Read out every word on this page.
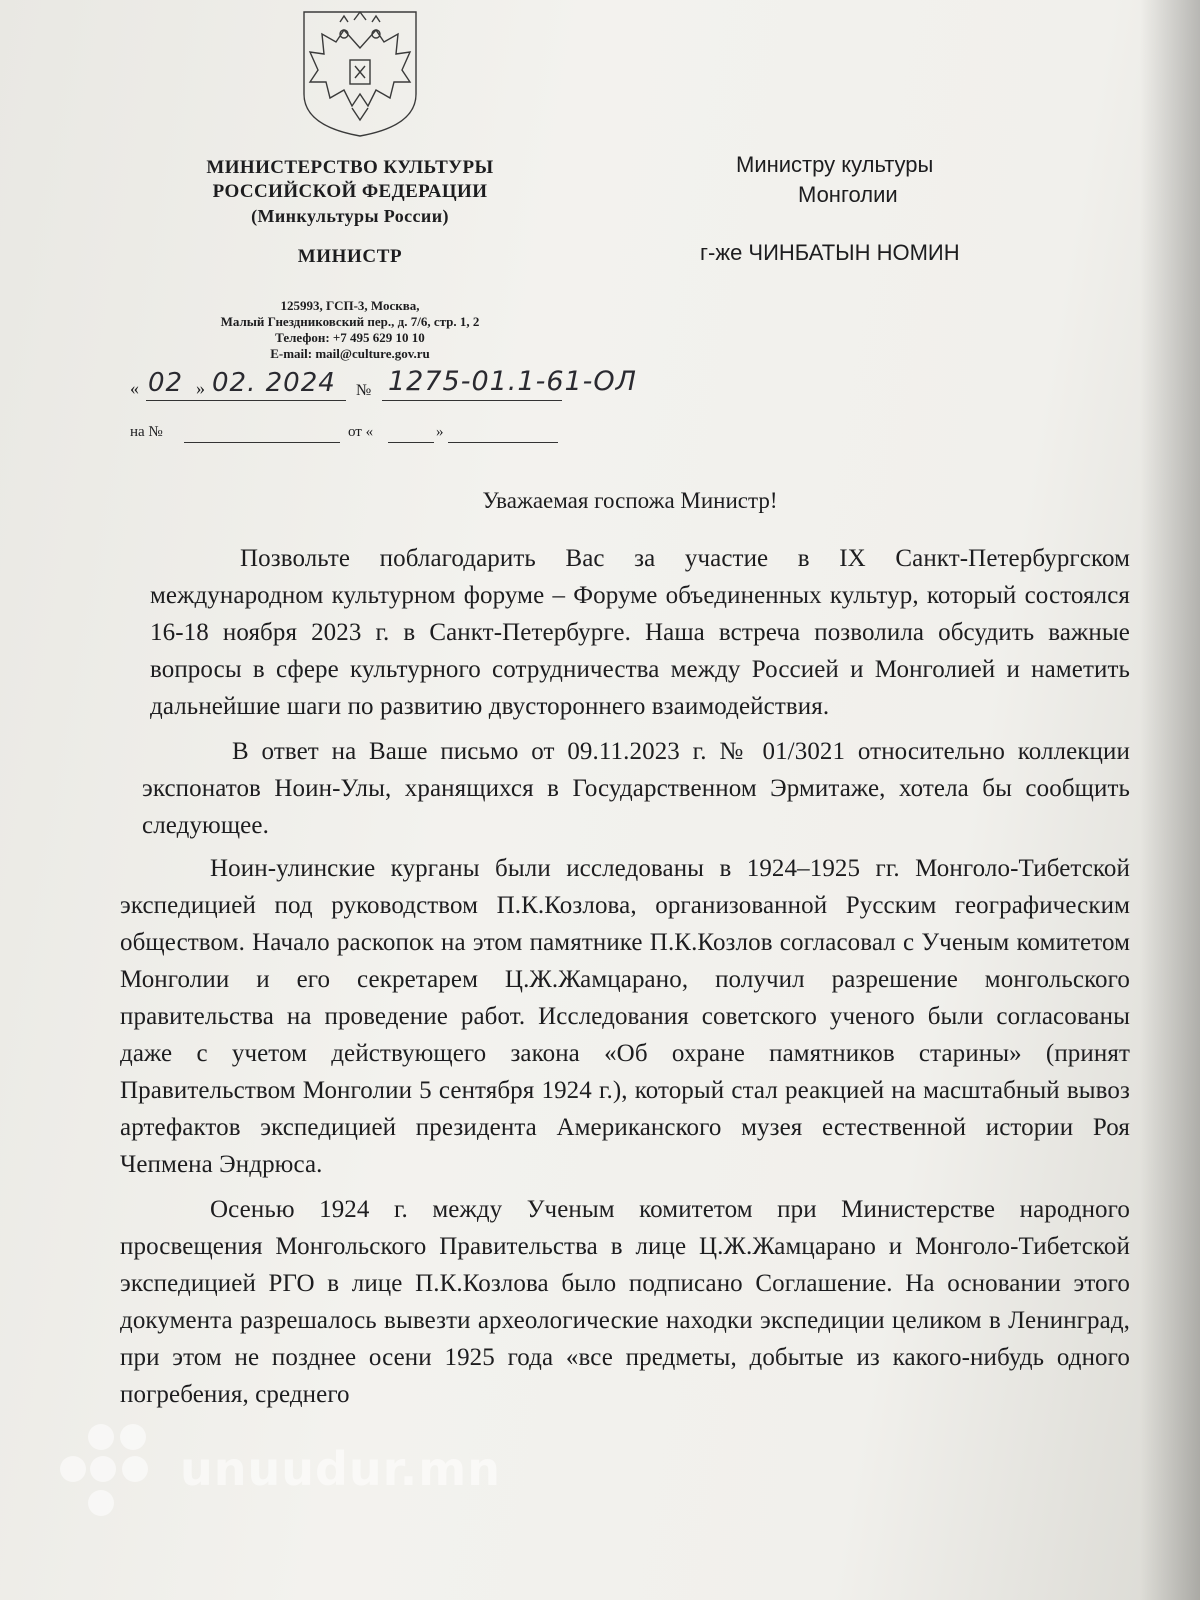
МИНИСТЕРСТВО КУЛЬТУРЫ
РОССИЙСКОЙ ФЕДЕРАЦИИ
(Минкультуры России)
МИНИСТР
125993, ГСП-3, Москва,
Малый Гнездниковский пер., д. 7/6, стр. 1, 2
Телефон: +7 495 629 10 10
E-mail: mail@culture.gov.ru
« 02 » 02. 2024 № 1275-01.1-61-ОЛ
на №	от «	»
Министру культуры
Монголии
г-же ЧИНБАТЫН НОМИН
Уважаемая госпожа Министр!

Позвольте поблагодарить Вас за участие в IX Санкт-Петербургском международном культурном форуме – Форуме объединенных культур, который состоялся 16-18 ноября 2023 г. в Санкт-Петербурге. Наша встреча позволила обсудить важные вопросы в сфере культурного сотрудничества между Россией и Монголией и наметить дальнейшие шаги по развитию двустороннего взаимодействия.

В ответ на Ваше письмо от 09.11.2023 г. № 01/3021 относительно коллекции экспонатов Ноин-Улы, хранящихся в Государственном Эрмитаже, хотела бы сообщить следующее.

Ноин-улинские курганы были исследованы в 1924–1925 гг. Монголо-Тибетской экспедицией под руководством П.К.Козлова, организованной Русским географическим обществом. Начало раскопок на этом памятнике П.К.Козлов согласовал с Ученым комитетом Монголии и его секретарем Ц.Ж.Жамцарано, получил разрешение монгольского правительства на проведение работ. Исследования советского ученого были согласованы даже с учетом действующего закона «Об охране памятников старины» (принят Правительством Монголии 5 сентября 1924 г.), который стал реакцией на масштабный вывоз артефактов экспедицией президента Американского музея естественной истории Роя Чепмена Эндрюса.

Осенью 1924 г. между Ученым комитетом при Министерстве народного просвещения Монгольского Правительства в лице Ц.Ж.Жамцарано и Монголо-Тибетской экспедицией РГО в лице П.К.Козлова было подписано Соглашение. На основании этого документа разрешалось вывезти археологические находки экспедиции целиком в Ленинград, при этом не позднее осени 1925 года «все предметы, добытые из какого-нибудь одного погребения, среднего

unuudur.mn
